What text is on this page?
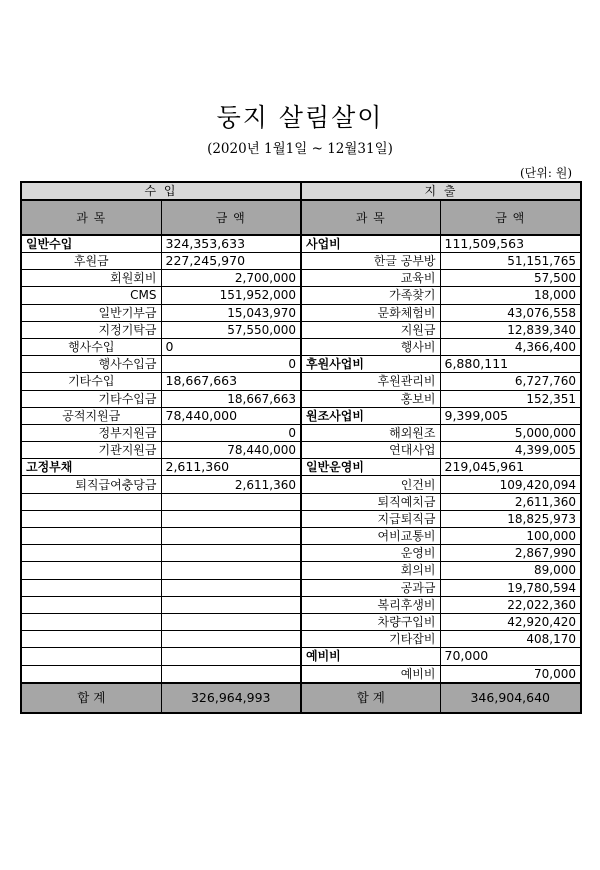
둥지 살림살이
(2020년 1월1일 ~ 12월31일)
(단위: 원)
수 입		지 출	
과 목	금 액	과 목	금 액
일반수입	324,353,633	사업비	111,509,563
후원금	227,245,970	한글 공부방	51,151,765
회원회비	2,700,000	교육비	57,500
CMS	151,952,000	가족찾기	18,000
일반기부금	15,043,970	문화체험비	43,076,558
지정기탁금	57,550,000	지원금	12,839,340
행사수입	0	행사비	4,366,400
행사수입금	0	후원사업비	6,880,111
기타수입	18,667,663	후원관리비	6,727,760
기타수입금	18,667,663	홍보비	152,351
공적지원금	78,440,000	원조사업비	9,399,005
정부지원금	0	해외원조	5,000,000
기관지원금	78,440,000	연대사업	4,399,005
고정부채	2,611,360	일반운영비	219,045,961
퇴직급여충당금	2,611,360	인건비	109,420,094
		퇴직예치금	2,611,360
		지급퇴직금	18,825,973
		여비교통비	100,000
		운영비	2,867,990
		회의비	89,000
		공과금	19,780,594
		복리후생비	22,022,360
		차량구입비	42,920,420
		기타잡비	408,170
		예비비	70,000
		예비비	70,000
합 계	326,964,993	합 계	346,904,640
